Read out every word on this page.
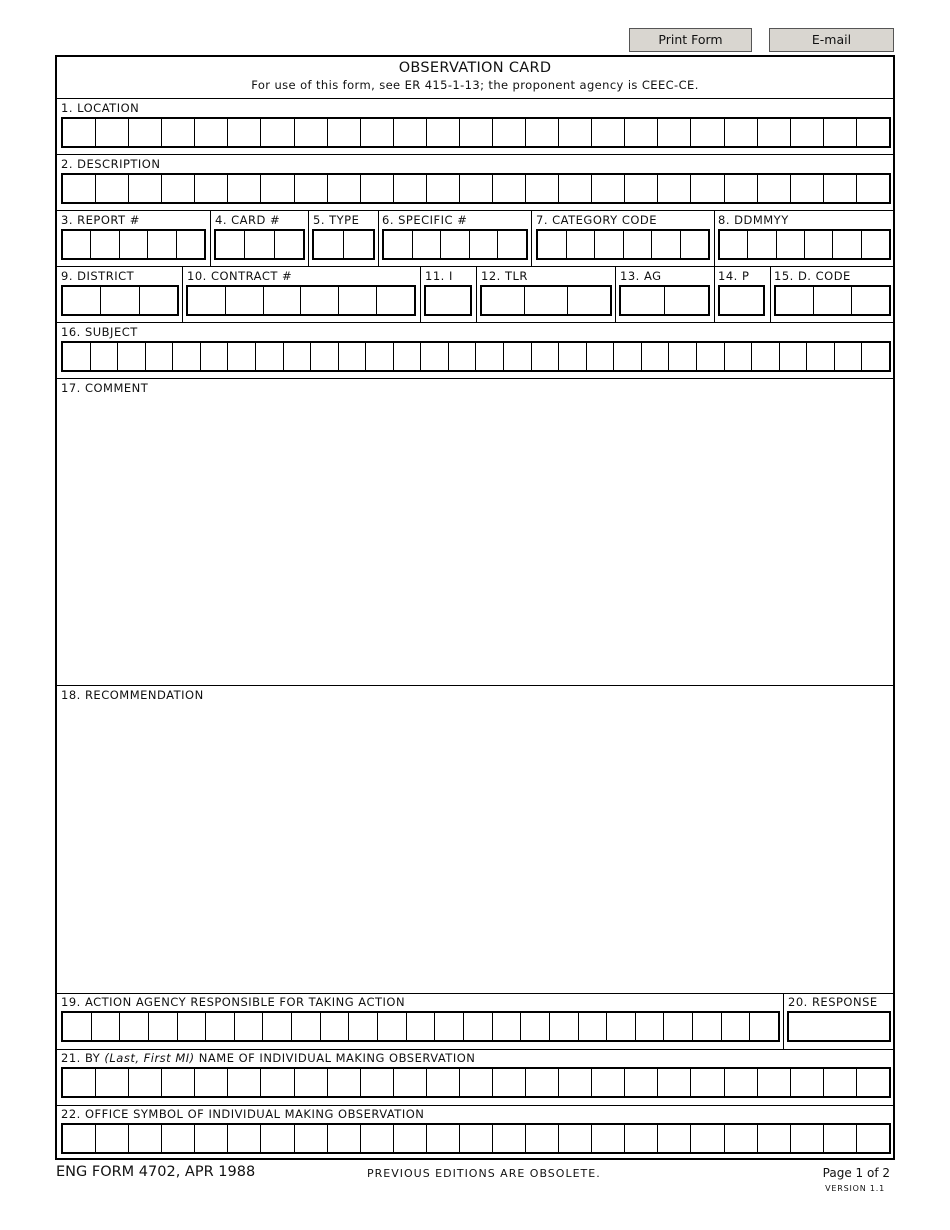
Print Form	E-mail
OBSERVATION CARD
For use of this form, see ER 415-1-13; the proponent agency is CEEC-CE.
1. LOCATION
2. DESCRIPTION
3. REPORT #	4. CARD #	5. TYPE 6. SPECIFIC #	7. CATEGORY CODE	8. DDMMYY
9. DISTRICT	10. CONTRACT #	11. I 12. TLR	13. AG	14. P 15. D. CODE
16. SUBJECT
17. COMMENT
18. RECOMMENDATION
19. ACTION AGENCY RESPONSIBLE FOR TAKING ACTION	20. RESPONSE
21. BY (Last, First MI) NAME OF INDIVIDUAL MAKING OBSERVATION
22. OFFICE SYMBOL OF INDIVIDUAL MAKING OBSERVATION
ENG FORM 4702, APR 1988	PREVIOUS EDITIONS ARE OBSOLETE.	Page 1 of 2
VERSION 1.1
